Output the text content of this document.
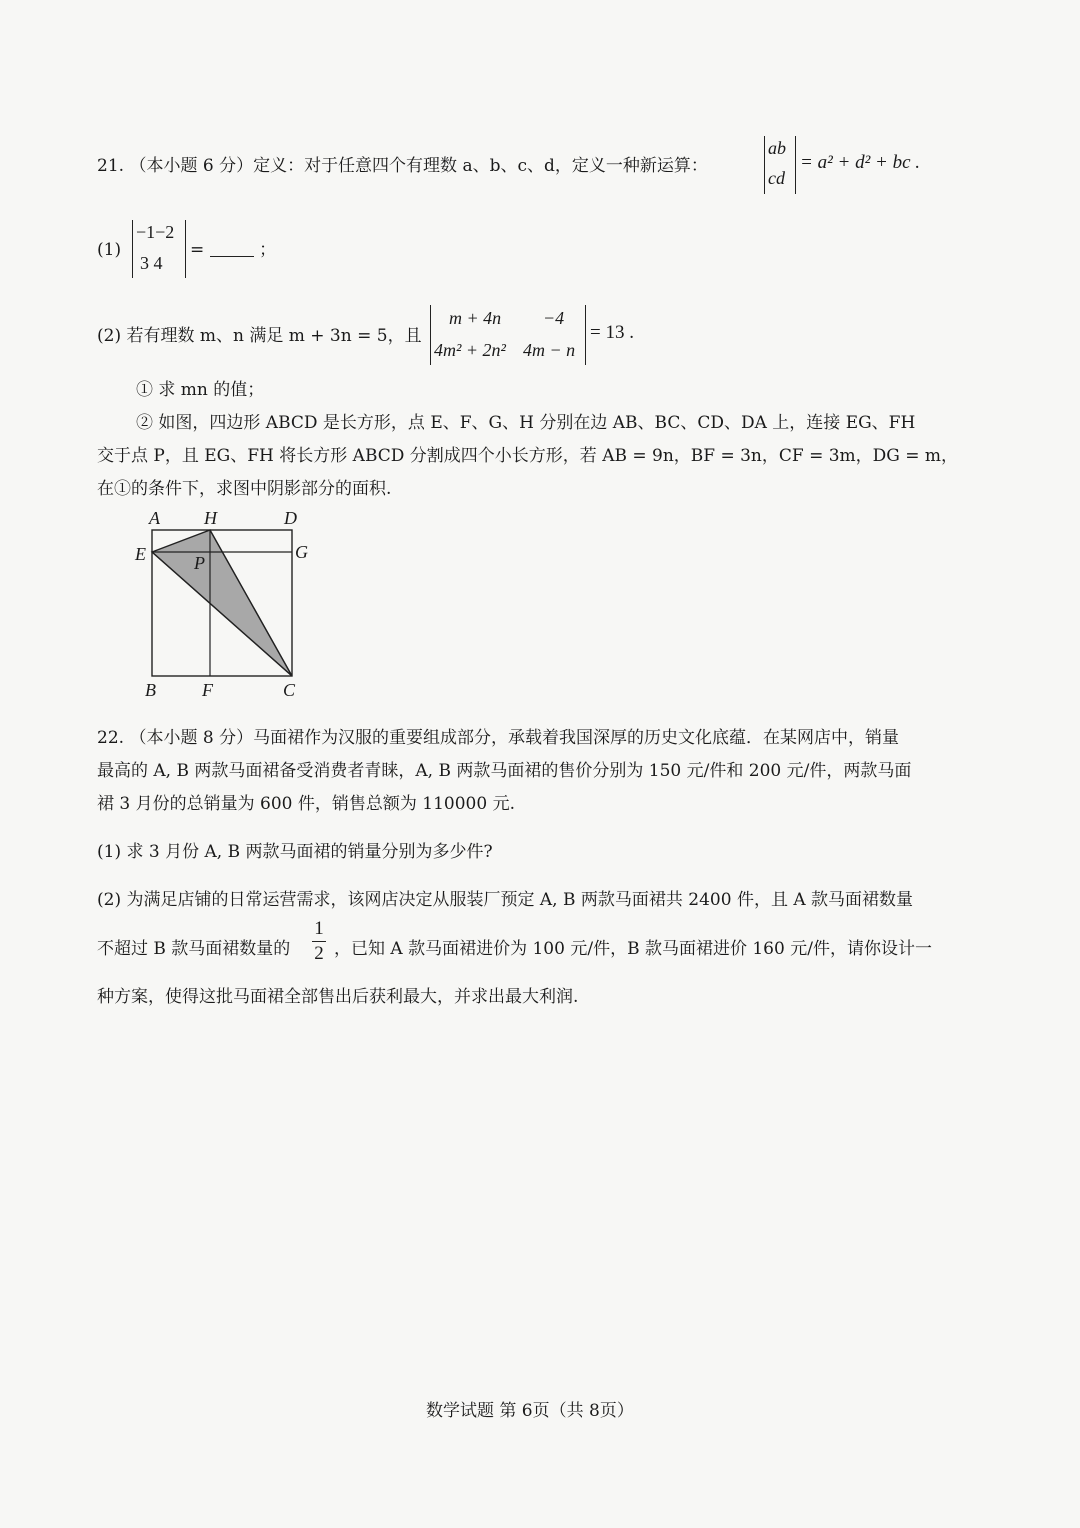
21. （本小题 6 分）定义：对于任意四个有理数 a、b、c、d，定义一种新运算：
ab
cd
= a² + d² + bc .
(1)
−1−2
3 4
=	；
(2) 若有理数 m、n 满足 m + 3n = 5，且
m + 4n −4
4m² + 2n² 4m − n
= 13 .
① 求 mn 的值；
② 如图，四边形 ABCD 是长方形，点 E、F、G、H 分别在边 AB、BC、CD、DA 上，连接 EG、FH
交于点 P，且 EG、FH 将长方形 ABCD 分割成四个小长方形，若 AB = 9n，BF = 3n，CF = 3m，DG = m，
在①的条件下，求图中阴影部分的面积.
A H	D
E	P
G
B	F	C
22. （本小题 8 分）马面裙作为汉服的重要组成部分，承载着我国深厚的历史文化底蕴．在某网店中，销量
最高的 A, B 两款马面裙备受消费者青睐，A, B 两款马面裙的售价分别为 150 元/件和 200 元/件，两款马面
裙 3 月份的总销量为 600 件，销售总额为 110000 元.
(1) 求 3 月份 A, B 两款马面裙的销量分别为多少件?
(2) 为满足店铺的日常运营需求，该网店决定从服装厂预定 A, B 两款马面裙共 2400 件，且 A 款马面裙数量
不超过 B 款马面裙数量的
1
2 ，已知 A 款马面裙进价为 100 元/件，B 款马面裙进价 160 元/件，请你设计一
种方案，使得这批马面裙全部售出后获利最大，并求出最大利润.
数学试题 第 6页（共 8页）
